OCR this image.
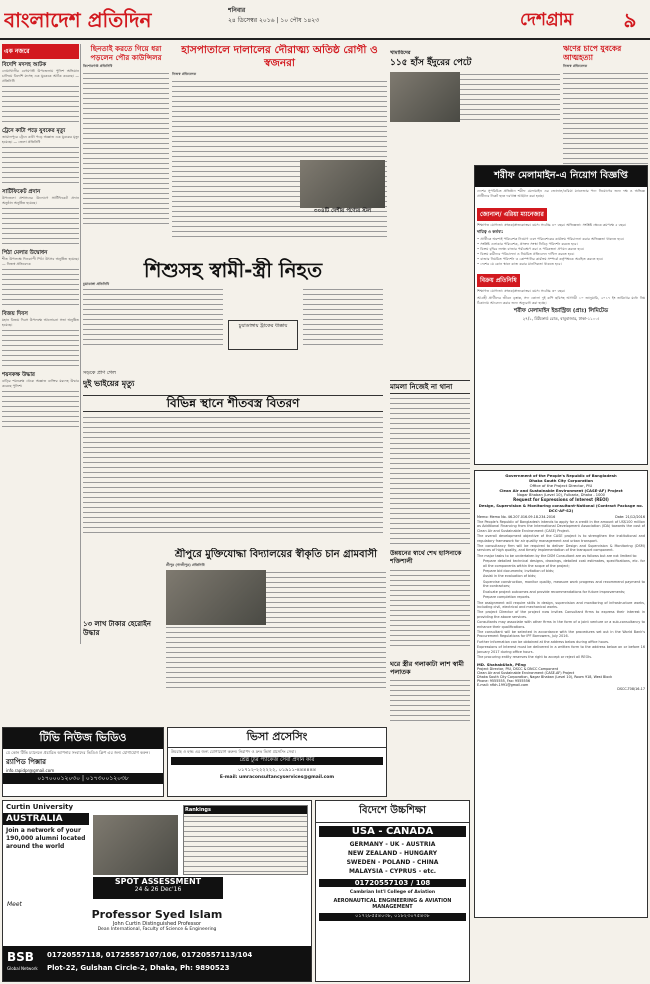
বাংলাদেশ প্রতিদিন	শনিবার
২৪ ডিসেম্বর ২০১৬ | ১০ পৌষ ১৪২৩	দেশগ্রাম	৯
এক নজরে
বিদেশি মদসহ আটক
নোয়াখালীর বেগমগঞ্জ উপজেলায় পুলিশ অভিযান চালিয়ে বিদেশি মদসহ এক যুবককে আটক করেছে। — প্রতিনিধি
ট্রেনে কাটা পড়ে যুবকের মৃত্যু
জামালপুরে ট্রেনে কাটা পড়ে অজ্ঞাত এক যুবকের মৃত্যু হয়েছে। — জেলা প্রতিনিধি
সার্টিফিকেট প্রদান
উপজেলা প্রশাসনের উদ্যোগে সার্টিফিকেট প্রদান অনুষ্ঠান অনুষ্ঠিত হয়েছে।
পিঠা মেলার উদ্বোধন
শীত উপলক্ষে দিনব্যাপী পিঠা উৎসব অনুষ্ঠিত হয়েছে। — নিজস্ব প্রতিবেদক
বিজয় দিবস
মহান বিজয় দিবস উপলক্ষে আলোচনা সভা অনুষ্ঠিত হয়েছে।
শয়নকক্ষ উদ্ধার
বাড়ির শয়নকক্ষ থেকে অজ্ঞাত ব্যক্তির মরদেহ উদ্ধার করেছে পুলিশ।
ছিনতাই করতে গিয়ে ধরা পড়লেন পৌর কাউন্সিলর
কিশোরগঞ্জ প্রতিনিধি
হাসপাতালে দালালের দৌরাত্ম্য অতিষ্ঠ রোগী ও স্বজনরা
নিজস্ব প্রতিবেদক
খামারিদের
১১৫ হাঁস ইঁদুরের পেটে
ঋণের চাপে যুবকের আত্মহত্যা
নিজস্ব প্রতিবেদক
৩০৪টি দেশীয় পণ্যের স্টল
শিশুসহ স্বামী-স্ত্রী নিহত
চুয়াডাঙ্গা প্রতিনিধি
চুয়াডাঙ্গায় ট্রাকের ধাক্কায়
বিভিন্ন স্থানে শীতবস্ত্র বিতরণ
সড়কে প্রাণ গেল
দুই ভাইয়ের মৃত্যু
শ্রীপুরে মুক্তিযোদ্ধা বিদ্যালয়ের স্বীকৃতি চান গ্রামবাসী
শ্রীপুর (গাজীপুর) প্রতিনিধি
১৩ লাখ টাকার হেরোইন উদ্ধার
মামলা নিজেই না থানা
উন্নয়নের স্বার্থে শেখ হাসিনাকে শক্তিশালী
ঘরে স্ত্রীর গলাকাটা লাশ স্বামী পলাতক
শরীফ মেলামাইন-এ নিয়োগ বিজ্ঞপ্তি
দেশের সুপরিচিত প্রতিষ্ঠান শরীফ মেলামাইন এর জোনাল/এরিয়া ম্যানেজার পদে নিয়োগের জন্য দক্ষ ও অভিজ্ঞ প্রার্থীদের নিকট হতে দরখাস্ত আহ্বান করা হচ্ছে।
জোনাল/ এরিয়া ম্যানেজার
শিক্ষাগত যোগ্যতা: স্নাতক/স্নাতকোত্তর। বয়স: সর্বোচ্চ ৪০ বছর। অভিজ্ঞতা: সংশ্লিষ্ট ক্ষেত্রে কমপক্ষে ৫ বছর।
দায়িত্ব ও কর্তব্য:
• প্রার্থীকে অবশ্যই পরিবেশক নিয়োগ এবং পরিবেশকের কার্যক্রম পরিচালনা করার অভিজ্ঞতা থাকতে হবে।
• সংশ্লিষ্ট এলাকার পরিবেশক, প্রাক্তন সংস্থা নিবিড় পরিদর্শন করতে হবে।
• বিক্রয় বৃদ্ধির লক্ষ্যে বাজার পর্যবেক্ষণ করা ও পরিকল্পনা প্রণয়ন করতে হবে।
• বিক্রয় কর্মীদের পরিচালনা ও নিয়মিত প্রতিবেদন দাখিল করতে হবে।
• বাজার নিয়মিত পরিদর্শন ও কোম্পানির কার্যক্রম সম্পর্কে কর্তৃপক্ষকে অবহিত করতে হবে।
• দেশের যে কোন স্থানে কাজ করার মানসিকতা থাকতে হবে।
বিক্রয় প্রতিনিধি
শিক্ষাগত যোগ্যতা: স্নাতক/স্নাতকোত্তর। বয়স: সর্বোচ্চ ৩০ বছর।
আগ্রহী প্রার্থীদের জীবন বৃত্তান্ত, সদ্য তোলা দুই কপি ছবিসহ আগামী ১০ জানুয়ারি, ২০১৭ ইং তারিখের মধ্যে নিম্ন ঠিকানায় আবেদন করার জন্য অনুরোধ করা হচ্ছে।
শরীফ মেলামাইন ইন্ডাস্ট্রিজ (প্রাঃ) লিমিটেড
২৭/১, মিটফোর্ড রোড, বাবুবাজার, ঢাকা-১১০০।
Government of the People's Republic of Bangladesh
Dhaka South City Corporation
Office of the Project Director, PIU
Clean Air and Sustainable Environment (CASE-AF) Project
Nagar Bhaban (Level 10), Fulbaria, Dhaka - 1000
Request for Expressions of Interest (REOI)
Design, Supervision & Monitoring consultant-National (Contract Package no. DCC-AF-S2)
Memo: Memo No. 46.207.016.09.18.234.2016	Date: 21/12/2016
The People's Republic of Bangladesh intends to apply for a credit in the amount of US$100 million as Additional Financing from the International Development Association (IDA) towards the cost of Clean Air and Sustainable Environment (CASE) Project.
The overall development objective of the CASE project is to strengthen the institutional and regulatory framework for air quality management and urban transport.
The consultancy firm will be required to deliver Design and Supervision & Monitoring (DSM) services of high quality, and timely implementation of the transport component.
The major tasks to be undertaken by the DSM Consultant are as follows but are not limited to:
Prepare detailed technical designs, drawings, detailed cost estimates, specifications, etc. for all the components within the scope of the project;
Prepare bid documents; invitation of bids;
Assist in the evaluation of bids;
Supervise construction, monitor quality, measure work progress and recommend payment to the contractors;
Evaluate project outcomes and provide recommendations for future improvements;
Prepare completion reports.
The assignment will require skills in design, supervision and monitoring of infrastructure works, including civil, electrical and mechanical works.
The project Director of the project now invites Consultant firms to express their interest in providing the above services.
Consultants may associate with other firms in the form of a joint venture or a sub-consultancy to enhance their qualifications.
The consultant will be selected in accordance with the procedures set out in the World Bank's Procurement Regulations for IPF Borrowers, July 2016.
Further information can be obtained at the address below during office hours.
Expressions of Interest must be delivered in a written form to the address below on or before 16 January 2017 during office hours.
The procuring entity reserves the right to accept or reject all REOIs.
MD. ShahabUlah, PEng
Project Director, PIU, DSCC & DNCC Component
Clean Air and Sustainable Environment (CASE-AF) Project
Dhaka South City Corporation, Nagar Bhaban (Level 10), Room 918, West Block
Phone: 9555555, Fax: 9555556
E-mail: nfbh.1991@gmail.com
DSCC-T08/16-17
টিভি নিউজ ভিডিও
যে কোন টিভি চ্যানেলে প্রচারিত আপনার সংবাদের ভিডিও ক্লিপ এর জন্য যোগাযোগ করুন।
র‍্যাপিড পিক্সার
info.rapidpr@gmail.com
০১৭০০০১২০৩০ | ০১৭৩০০১২০৩৮
ভিসা প্রসেসিং
উমরাহ ও হজ্জ এর জন্য যোগাযোগ করুন। নিরাপদ ও দ্রুত ভিসা প্রসেসিং সেবা।
শ্রেষ্ঠ ট্যুর প্যাকেজ সেবা প্রদান করি
০১৭১২-২২২২২২, ০১৯১১-৪৪৪৪৪৪
E-mail: umraconsultancyservices@gmail.com
Curtin University
AUSTRALIA
Join a network of your 190,000 alumni located around the world
Rankings
SPOT ASSESSMENT
24 & 26 Dec'16
Meet
Professor Syed Islam
John Curtin Distinguished Professor
Dean International, Faculty of Science & Engineering
BSB
Global Network
01720557118, 01725557107/106, 01720557113/104
Plot-22, Gulshan Circle-2, Dhaka, Ph: 9890523
বিদেশে উচ্চশিক্ষা
USA - CANADA
GERMANY - UK - AUSTRIA
NEW ZEALAND - HUNGARY
SWEDEN - POLAND - CHINA
MALAYSIA - CYPRUS - etc.
01720557103 / 108
Cambrian Int'l College of Aviation
AERONAUTICAL ENGINEERING & AVIATION MANAGEMENT
০১৭২৮৫৫৪০৩৮, ০১৮২৩০৭৫৪৩৮
